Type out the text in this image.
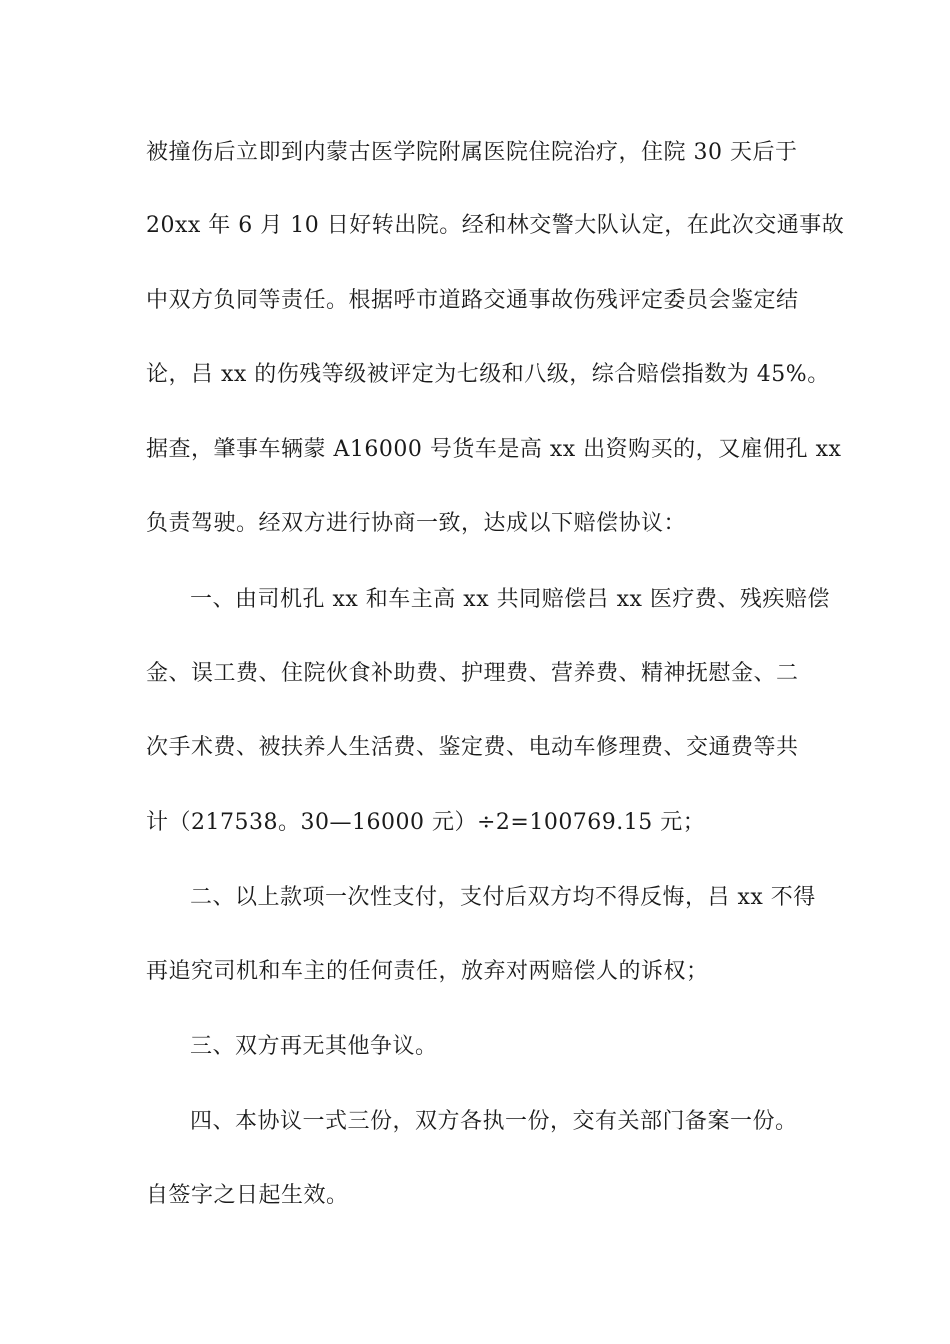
被撞伤后立即到内蒙古医学院附属医院住院治疗，住院 30 天后于
20xx 年 6 月 10 日好转出院。经和林交警大队认定，在此次交通事故
中双方负同等责任。根据呼市道路交通事故伤残评定委员会鉴定结
论，吕 xx 的伤残等级被评定为七级和八级，综合赔偿指数为 45%。
据查，肇事车辆蒙 A16000 号货车是高 xx 出资购买的，又雇佣孔 xx
负责驾驶。经双方进行协商一致，达成以下赔偿协议：
一、由司机孔 xx 和车主高 xx 共同赔偿吕 xx 医疗费、残疾赔偿
金、误工费、住院伙食补助费、护理费、营养费、精神抚慰金、二
次手术费、被扶养人生活费、鉴定费、电动车修理费、交通费等共
计（217538。30—16000 元）÷2=100769.15 元；
二、以上款项一次性支付，支付后双方均不得反悔，吕 xx 不得
再追究司机和车主的任何责任，放弃对两赔偿人的诉权；
三、双方再无其他争议。
四、本协议一式三份，双方各执一份，交有关部门备案一份。
自签字之日起生效。
